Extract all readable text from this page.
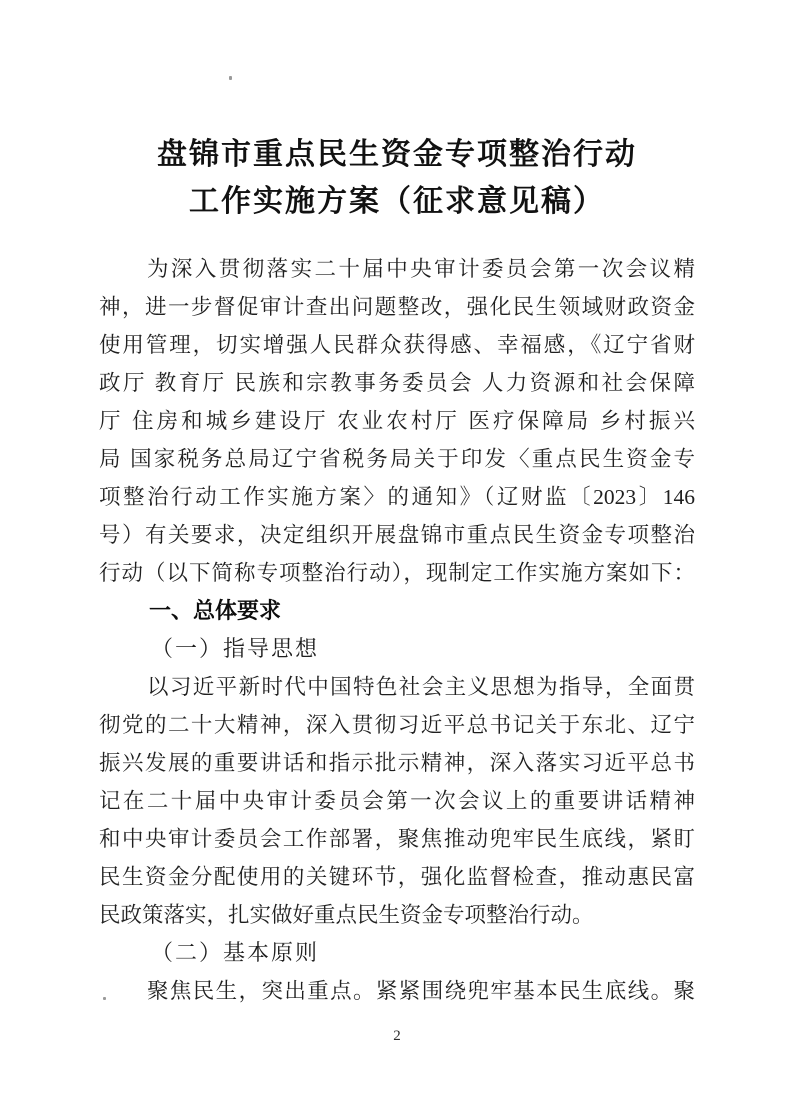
盘锦市重点民生资金专项整治行动
工作实施方案（征求意见稿）
为深入贯彻落实二十届中央审计委员会第一次会议精
神，进一步督促审计查出问题整改，强化民生领域财政资金
使用管理，切实增强人民群众获得感、幸福感，《辽宁省财
政厅 教育厅 民族和宗教事务委员会 人力资源和社会保障
厅 住房和城乡建设厅 农业农村厅 医疗保障局 乡村振兴
局 国家税务总局辽宁省税务局关于印发〈重点民生资金专
项整治行动工作实施方案〉的通知》（辽财监〔2023〕146
号）有关要求，决定组织开展盘锦市重点民生资金专项整治
行动（以下简称专项整治行动），现制定工作实施方案如下：
一、总体要求
（一）指导思想
以习近平新时代中国特色社会主义思想为指导，全面贯
彻党的二十大精神，深入贯彻习近平总书记关于东北、辽宁
振兴发展的重要讲话和指示批示精神，深入落实习近平总书
记在二十届中央审计委员会第一次会议上的重要讲话精神
和中央审计委员会工作部署，聚焦推动兜牢民生底线，紧盯
民生资金分配使用的关键环节，强化监督检查，推动惠民富
民政策落实，扎实做好重点民生资金专项整治行动。
（二）基本原则
聚焦民生，突出重点。紧紧围绕兜牢基本民生底线。聚
2
